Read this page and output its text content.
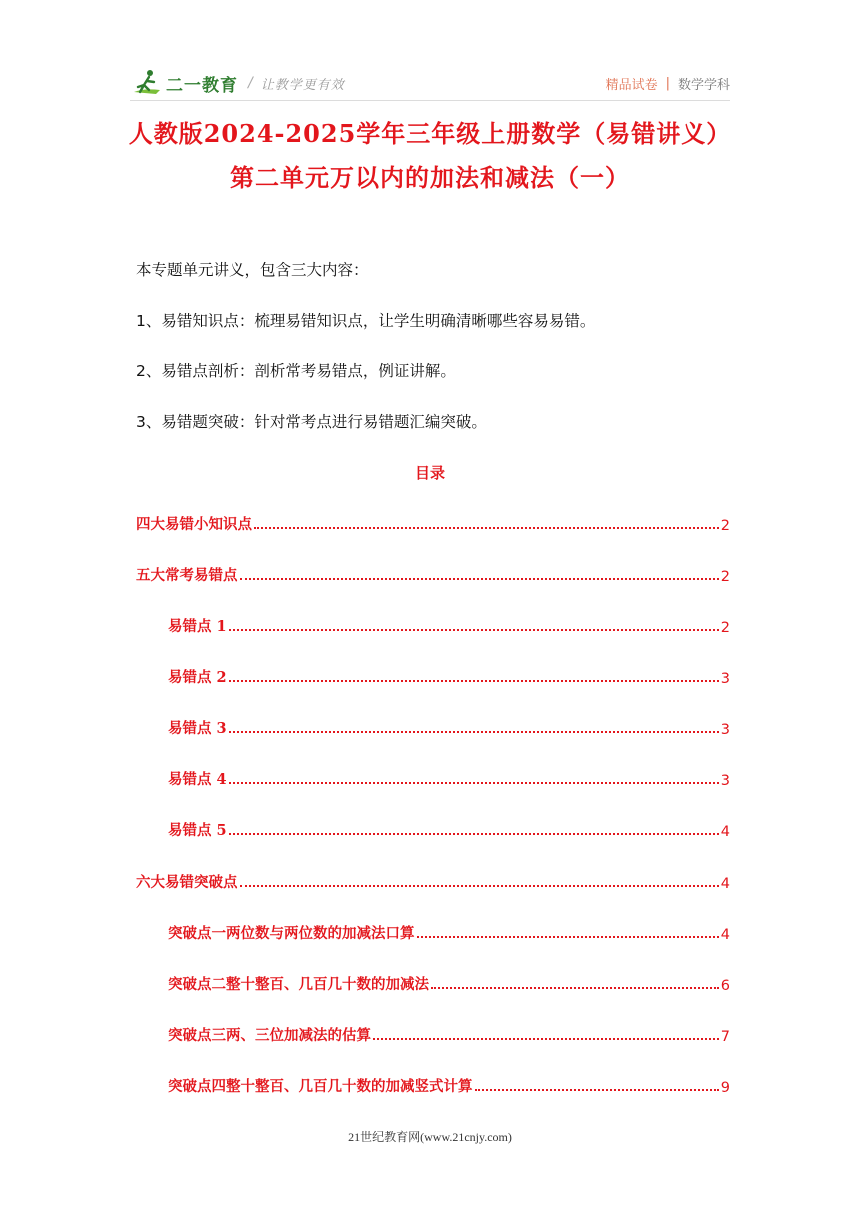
二一教育 / 让教学更有效	精品试卷 | 数学学科
人教版2024-2025学年三年级上册数学（易错讲义）
第二单元万以内的加法和减法（一）
本专题单元讲义，包含三大内容：
1、易错知识点：梳理易错知识点，让学生明确清晰哪些容易易错。
2、易错点剖析：剖析常考易错点，例证讲解。
3、易错题突破：针对常考点进行易错题汇编突破。
目录
四大易错小知识点	2
五大常考易错点	2
易错点 1	2
易错点 2	3
易错点 3	3
易错点 4	3
易错点 5	4
六大易错突破点	4
突破点一两位数与两位数的加减法口算	4
突破点二整十整百、几百几十数的加减法	6
突破点三两、三位加减法的估算	7
突破点四整十整百、几百几十数的加减竖式计算	9
21世纪教育网(www.21cnjy.com)
